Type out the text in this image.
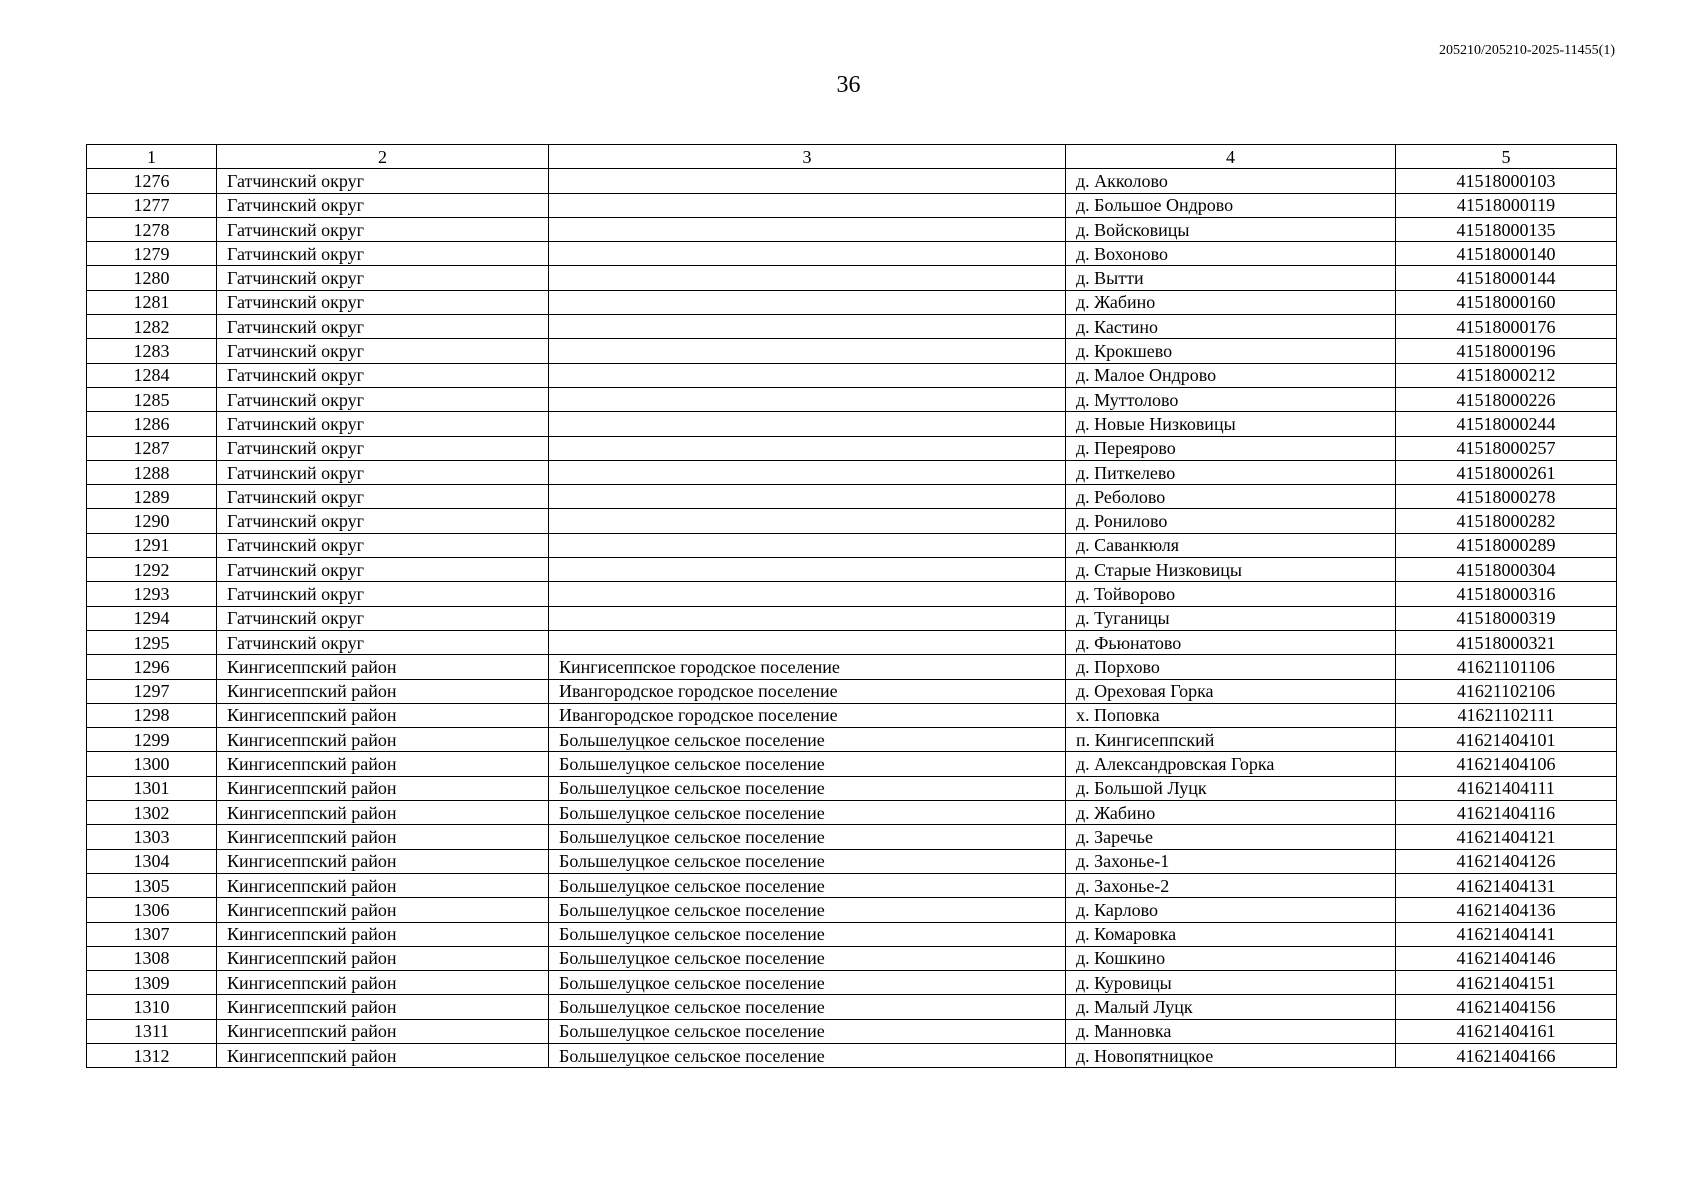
205210/205210-2025-11455(1)
36
1	2	3	4	5
1276	Гатчинский округ		д. Акколово	41518000103
1277	Гатчинский округ		д. Большое Ондрово	41518000119
1278	Гатчинский округ		д. Войсковицы	41518000135
1279	Гатчинский округ		д. Вохоново	41518000140
1280	Гатчинский округ		д. Вытти	41518000144
1281	Гатчинский округ		д. Жабино	41518000160
1282	Гатчинский округ		д. Кастино	41518000176
1283	Гатчинский округ		д. Крокшево	41518000196
1284	Гатчинский округ		д. Малое Ондрово	41518000212
1285	Гатчинский округ		д. Муттолово	41518000226
1286	Гатчинский округ		д. Новые Низковицы	41518000244
1287	Гатчинский округ		д. Переярово	41518000257
1288	Гатчинский округ		д. Питкелево	41518000261
1289	Гатчинский округ		д. Реболово	41518000278
1290	Гатчинский округ		д. Ронилово	41518000282
1291	Гатчинский округ		д. Саванкюля	41518000289
1292	Гатчинский округ		д. Старые Низковицы	41518000304
1293	Гатчинский округ		д. Тойворово	41518000316
1294	Гатчинский округ		д. Туганицы	41518000319
1295	Гатчинский округ		д. Фьюнатово	41518000321
1296	Кингисеппский район	Кингисеппское городское поселение	д. Порхово	41621101106
1297	Кингисеппский район	Ивангородское городское поселение	д. Ореховая Горка	41621102106
1298	Кингисеппский район	Ивангородское городское поселение	х. Поповка	41621102111
1299	Кингисеппский район	Большелуцкое сельское поселение	п. Кингисеппский	41621404101
1300	Кингисеппский район	Большелуцкое сельское поселение	д. Александровская Горка	41621404106
1301	Кингисеппский район	Большелуцкое сельское поселение	д. Большой Луцк	41621404111
1302	Кингисеппский район	Большелуцкое сельское поселение	д. Жабино	41621404116
1303	Кингисеппский район	Большелуцкое сельское поселение	д. Заречье	41621404121
1304	Кингисеппский район	Большелуцкое сельское поселение	д. Захонье-1	41621404126
1305	Кингисеппский район	Большелуцкое сельское поселение	д. Захонье-2	41621404131
1306	Кингисеппский район	Большелуцкое сельское поселение	д. Карлово	41621404136
1307	Кингисеппский район	Большелуцкое сельское поселение	д. Комаровка	41621404141
1308	Кингисеппский район	Большелуцкое сельское поселение	д. Кошкино	41621404146
1309	Кингисеппский район	Большелуцкое сельское поселение	д. Куровицы	41621404151
1310	Кингисеппский район	Большелуцкое сельское поселение	д. Малый Луцк	41621404156
1311	Кингисеппский район	Большелуцкое сельское поселение	д. Манновка	41621404161
1312	Кингисеппский район	Большелуцкое сельское поселение	д. Новопятницкое	41621404166
